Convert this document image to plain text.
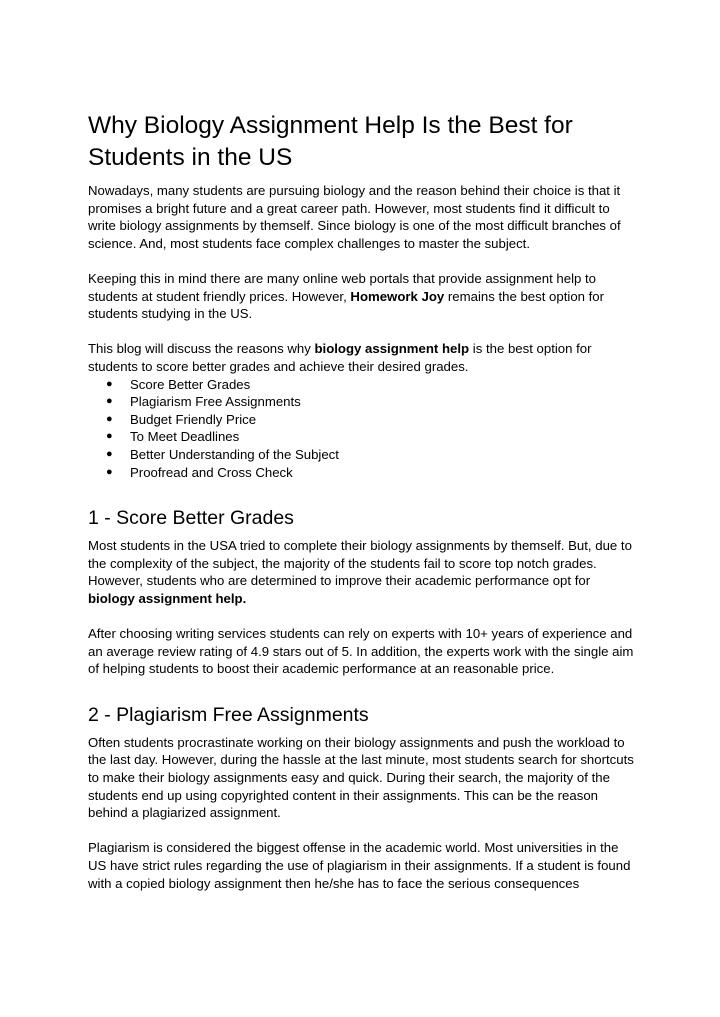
Why Biology Assignment Help Is the Best for Students in the US

Nowadays, many students are pursuing biology and the reason behind their choice is that it promises a bright future and a great career path. However, most students find it difficult to write biology assignments by themself. Since biology is one of the most difficult branches of science. And, most students face complex challenges to master the subject.

Keeping this in mind there are many online web portals that provide assignment help to students at student friendly prices. However, Homework Joy remains the best option for students studying in the US.

This blog will discuss the reasons why biology assignment help is the best option for students to score better grades and achieve their desired grades.

● Score Better Grades
● Plagiarism Free Assignments
● Budget Friendly Price
● To Meet Deadlines
● Better Understanding of the Subject
● Proofread and Cross Check
1 - Score Better Grades

Most students in the USA tried to complete their biology assignments by themself. But, due to the complexity of the subject, the majority of the students fail to score top notch grades. However, students who are determined to improve their academic performance opt for biology assignment help.

After choosing writing services students can rely on experts with 10+ years of experience and an average review rating of 4.9 stars out of 5. In addition, the experts work with the single aim of helping students to boost their academic performance at an reasonable price.

2 - Plagiarism Free Assignments

Often students procrastinate working on their biology assignments and push the workload to the last day. However, during the hassle at the last minute, most students search for shortcuts to make their biology assignments easy and quick. During their search, the majority of the students end up using copyrighted content in their assignments. This can be the reason behind a plagiarized assignment.

Plagiarism is considered the biggest offense in the academic world. Most universities in the US have strict rules regarding the use of plagiarism in their assignments. If a student is found with a copied biology assignment then he/she has to face the serious consequences
